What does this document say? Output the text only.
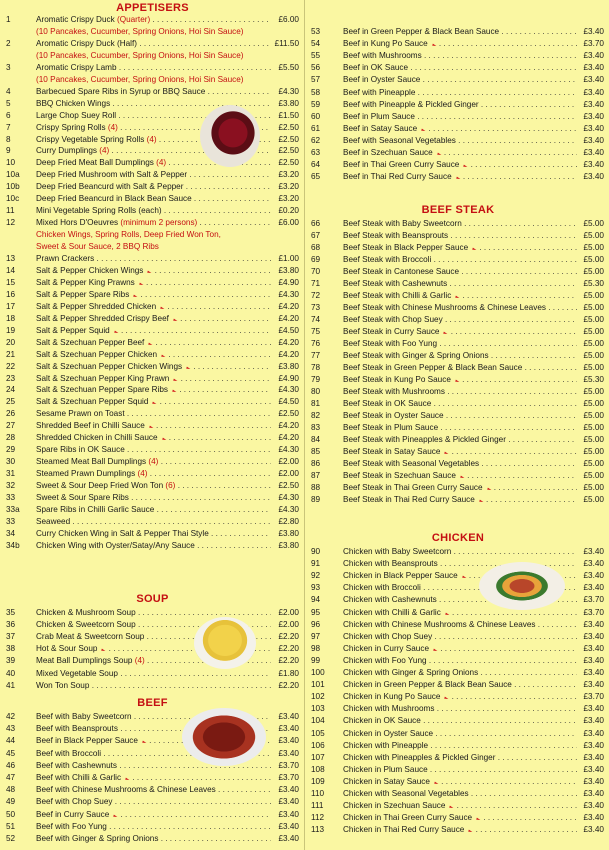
APPETISERS
1	Aromatic Crispy Duck (Quarter) . . .	£6.00
(10 Pancakes, Cucumber, Spring Onions, Hoi Sin Sauce)
2	Aromatic Crispy Duck (Half) . . .	£11.50
(10 Pancakes, Cucumber, Spring Onions, Hoi Sin Sauce)
3	Aromatic Crispy Lamb . . .	£5.50
(10 Pancakes, Cucumber, Spring Onions, Hoi Sin Sauce)
4	Barbecued Spare Ribs in Syrup or BBQ Sauce . . .	£4.30
5	BBQ Chicken Wings . . .	£3.80
6	Large Chop Suey Roll . . .	£1.50
7	Crispy Spring Rolls (4) . . .	£2.50
8	Crispy Vegetable Spring Rolls (4) . . .	£2.50
9	Curry Dumplings (4) . . .	£2.50
10	Deep Fried Meat Ball Dumplings (4) . . .	£2.50
10a	Deep Fried Mushroom with Salt & Pepper . . .	£3.20
10b	Deep Fried Beancurd with Salt & Pepper . . .	£3.20
10c	Deep Fried Beancurd in Black Bean Sauce . . .	£3.20
11	Mini Vegetable Spring Rolls (each) . . .	£0.20
12	Mixed Hors D'Oeuvres (minimum 2 persons) . . .	£6.00
Chicken Wings, Spring Rolls, Deep Fried Won Ton,
Sweet & Sour Sauce, 2 BBQ Ribs
13	Prawn Crackers . . .	£1.00
14	Salt & Pepper Chicken Wings ▲ . . .	£3.80
15	Salt & Pepper King Prawns ▲ . . .	£4.90
16	Salt & Pepper Spare Ribs ▲ . . .	£4.30
17	Salt & Pepper Shredded Chicken ▲ . . .	£4.20
18	Salt & Pepper Shredded Crispy Beef ▲ . . .	£4.20
19	Salt & Pepper Squid ▲ . . .	£4.50
20	Salt & Szechuan Pepper Beef ▲ . . .	£4.20
21	Salt & Szechuan Pepper Chicken ▲ . . .	£4.20
22	Salt & Szechuan Pepper Chicken Wings ▲ . . .	£3.80
23	Salt & Szechuan Pepper King Prawn ▲ . . .	£4.90
24	Salt & Szechuan Pepper Spare Ribs ▲ . . .	£4.30
25	Salt & Szechuan Pepper Squid ▲ . . .	£4.50
26	Sesame Prawn on Toast . . .	£2.50
27	Shredded Beef in Chilli Sauce ▲ . . .	£4.20
28	Shredded Chicken in Chilli Sauce ▲ . . .	£4.20
29	Spare Ribs in OK Sauce . . .	£4.30
30	Steamed Meat Ball Dumplings (4) . . .	£2.00
31	Steamed Prawn Dumplings (4) . . .	£2.00
32	Sweet & Sour Deep Fried Won Ton (6) . . .	£2.50
33	Sweet & Sour Spare Ribs . . .	£4.30
33a	Spare Ribs in Chilli Garlic Sauce . . .	£4.30
33	Seaweed . . .	£2.80
34	Curry Chicken Wing in Salt & Pepper Thai Style . . .	£3.80
34b	Chicken Wing with Oyster/Satay/Any Sauce . . .	£3.80
SOUP
35	Chicken & Mushroom Soup . . .	£2.00
36	Chicken & Sweetcorn Soup . . .	£2.00
37	Crab Meat & Sweetcorn Soup . . .	£2.20
38	Hot & Sour Soup ▲ . . .	£2.20
39	Meat Ball Dumplings Soup (4) . . .	£2.20
40	Mixed Vegetable Soup . . .	£1.80
41	Won Ton Soup . . .	£2.20
BEEF
42	Beef with Baby Sweetcorn . . .	£3.40
43	Beef with Beansprouts . . .	£3.40
44	Beef in Black Pepper Sauce ▲ . . .	£3.40
45	Beef with Broccoli . . .	£3.40
46	Beef with Cashewnuts . . .	£3.70
47	Beef with Chilli & Garlic ▲ . . .	£3.70
48	Beef with Chinese Mushrooms & Chinese Leaves . . .	£3.40
49	Beef with Chop Suey . . .	£3.40
50	Beef in Curry Sauce ▲ . . .	£3.40
51	Beef with Foo Yung . . .	£3.40
52	Beef with Ginger & Spring Onions . . .	£3.40
53	Beef in Green Pepper & Black Bean Sauce . . .	£3.40
54	Beef in Kung Po Sauce ▲ . . .	£3.70
55	Beef with Mushrooms . . .	£3.40
56	Beef in OK Sauce . . .	£3.40
57	Beef in Oyster Sauce . . .	£3.40
58	Beef with Pineapple . . .	£3.40
59	Beef with Pineapple & Pickled Ginger . . .	£3.40
60	Beef in Plum Sauce . . .	£3.40
61	Beef in Satay Sauce ▲ . . .	£3.40
62	Beef with Seasonal Vegetables . . .	£3.40
63	Beef in Szechuan Sauce ▲ . . .	£3.40
64	Beef in Thai Green Curry Sauce ▲ . . .	£3.40
65	Beef in Thai Red Curry Sauce ▲ . . .	£3.40
BEEF STEAK
66	Beef Steak with Baby Sweetcorn . . .	£5.00
67	Beef Steak with Beansprouts . . .	£5.00
68	Beef Steak in Black Pepper Sauce ▲ . . .	£5.00
69	Beef Steak with Broccoli . . .	£5.00
70	Beef Steak in Cantonese Sauce . . .	£5.00
71	Beef Steak with Cashewnuts . . .	£5.30
72	Beef Steak with Chilli & Garlic ▲ . . .	£5.00
73	Beef Steak with Chinese Mushrooms & Chinese Leaves . . .	£5.00
74	Beef Steak with Chop Suey . . .	£5.00
75	Beef Steak in Curry Sauce ▲ . . .	£5.00
76	Beef Steak with Foo Yung . . .	£5.00
77	Beef Steak with Ginger & Spring Onions . . .	£5.00
78	Beef Steak in Green Pepper & Black Bean Sauce . . .	£5.00
79	Beef Steak in Kung Po Sauce ▲ . . .	£5.30
80	Beef Steak with Mushrooms . . .	£5.00
81	Beef Steak in OK Sauce . . .	£5.00
82	Beef Steak in Oyster Sauce . . .	£5.00
83	Beef Steak in Plum Sauce . . .	£5.00
84	Beef Steak with Pineapples & Pickled Ginger . . .	£5.00
85	Beef Steak in Satay Sauce ▲ . . .	£5.00
86	Beef Steak with Seasonal Vegetables . . .	£5.00
87	Beef Steak in Szechuan Sauce ▲ . . .	£5.00
88	Beef Steak in Thai Green Curry Sauce ▲ . . .	£5.00
89	Beef Steak in Thai Red Curry Sauce ▲ . . .	£5.00
CHICKEN
90	Chicken with Baby Sweetcorn . . .	£3.40
91	Chicken with Beansprouts . . .	£3.40
92	Chicken in Black Pepper Sauce ▲ . . .	£3.40
93	Chicken with Broccoli . . .	£3.40
94	Chicken with Cashewnuts . . .	£3.70
95	Chicken with Chilli & Garlic ▲ . . .	£3.70
96	Chicken with Chinese Mushrooms & Chinese Leaves . . .	£3.40
97	Chicken with Chop Suey . . .	£3.40
98	Chicken in Curry Sauce ▲ . . .	£3.40
99	Chicken with Foo Yung . . .	£3.40
100	Chicken with Ginger & Spring Onions . . .	£3.40
101	Chicken in Green Pepper & Black Bean Sauce . . .	£3.40
102	Chicken in Kung Po Sauce ▲ . . .	£3.70
103	Chicken with Mushrooms . . .	£3.40
104	Chicken in OK Sauce . . .	£3.40
105	Chicken in Oyster Sauce . . .	£3.40
106	Chicken with Pineapple . . .	£3.40
107	Chicken with Pineapples & Pickled Ginger . . .	£3.40
108	Chicken in Plum Sauce . . .	£3.40
109	Chicken in Satay Sauce ▲ . . .	£3.40
110	Chicken with Seasonal Vegetables . . .	£3.40
111	Chicken in Szechuan Sauce ▲ . . .	£3.40
112	Chicken in Thai Green Curry Sauce ▲ . . .	£3.40
113	Chicken in Thai Red Curry Sauce ▲ . . .	£3.40
